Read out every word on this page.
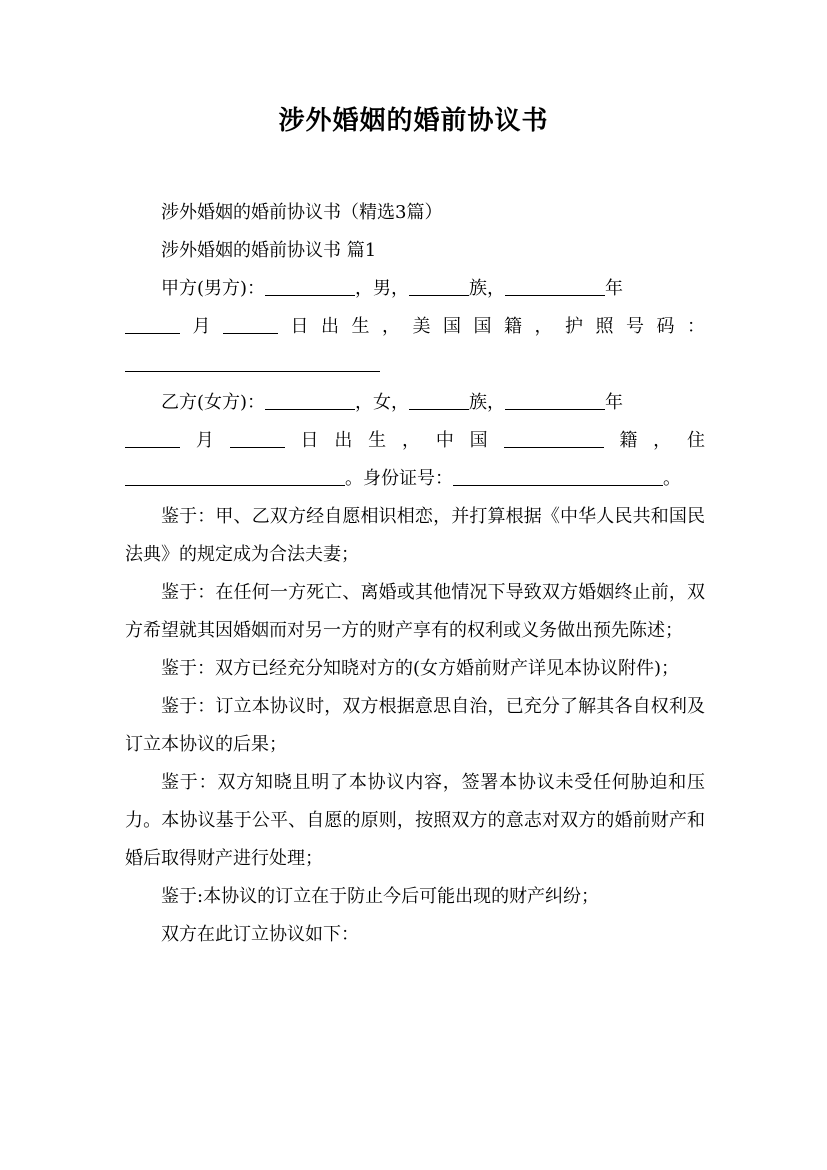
涉外婚姻的婚前协议书

涉外婚姻的婚前协议书（精选3篇）

涉外婚姻的婚前协议书 篇1

甲方(男方)：	，男，	族，	年

月	日出生，美国国籍，护照号码：

乙方(女方)：	，女，	族，	年

月	日出生，中国	籍，住

。身份证号：	。

鉴于：甲、乙双方经自愿相识相恋，并打算根据《中华人民共和国民法典》的规定成为合法夫妻；

鉴于：在任何一方死亡、离婚或其他情况下导致双方婚姻终止前，双方希望就其因婚姻而对另一方的财产享有的权利或义务做出预先陈述；

鉴于：双方已经充分知晓对方的(女方婚前财产详见本协议附件)；

鉴于：订立本协议时，双方根据意思自治，已充分了解其各自权利及订立本协议的后果；

鉴于：双方知晓且明了本协议内容，签署本协议未受任何胁迫和压力。本协议基于公平、自愿的原则，按照双方的意志对双方的婚前财产和婚后取得财产进行处理；

鉴于:本协议的订立在于防止今后可能出现的财产纠纷；

双方在此订立协议如下：
